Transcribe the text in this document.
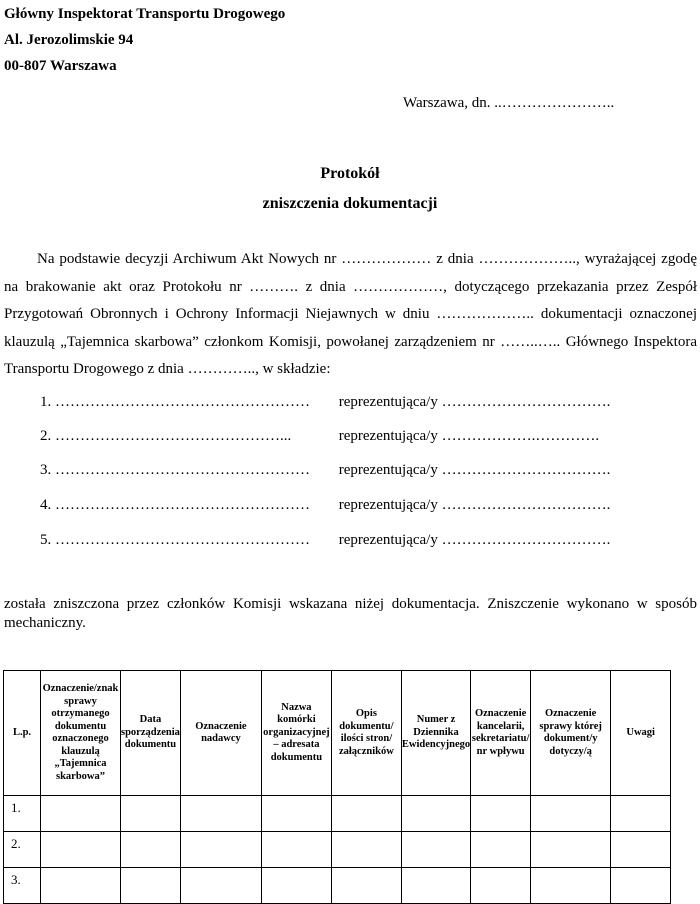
Główny Inspektorat Transportu Drogowego
Al. Jerozolimskie 94
00-807 Warszawa
Warszawa, dn. ..…………………..
Protokół
zniszczenia dokumentacji
Na podstawie decyzji Archiwum Akt Nowych nr ……………… z dnia ……………….., wyrażającej zgodę na brakowanie akt oraz Protokołu nr ………. z dnia ………………, dotyczącego przekazania przez Zespół Przygotowań Obronnych i Ochrony Informacji Niejawnych w dniu ……………….. dokumentacji oznaczonej klauzulą „Tajemnica skarbowa” członkom Komisji, powołanej zarządzeniem nr ……..….. Głównego Inspektora Transportu Drogowego z dnia ………….., w składzie:
1. …………………………………………… reprezentująca/y …………………………….
2. ………………………………………...	reprezentująca/y ……………….………….
3. …………………………………………… reprezentująca/y …………………………….
4. …………………………………………… reprezentująca/y …………………………….
5. …………………………………………… reprezentująca/y …………………………….
została zniszczona przez członków Komisji wskazana niżej dokumentacja. Zniszczenie wykonano w sposób mechaniczny.
L.p.	Oznaczenie/znak sprawy otrzymanego dokumentu oznaczonego klauzulą „Tajemnica skarbowa”	Data sporządzenia dokumentu	Oznaczenie nadawcy	Nazwa komórki organizacyjnej – adresata dokumentu	Opis dokumentu/ ilości stron/ załączników	Numer z Dziennika Ewidencyjnego	Oznaczenie kancelarii, sekretariatu/ nr wpływu	Oznaczenie sprawy której dokument/y dotyczy/ą	Uwagi
1.									
2.									
3.									
